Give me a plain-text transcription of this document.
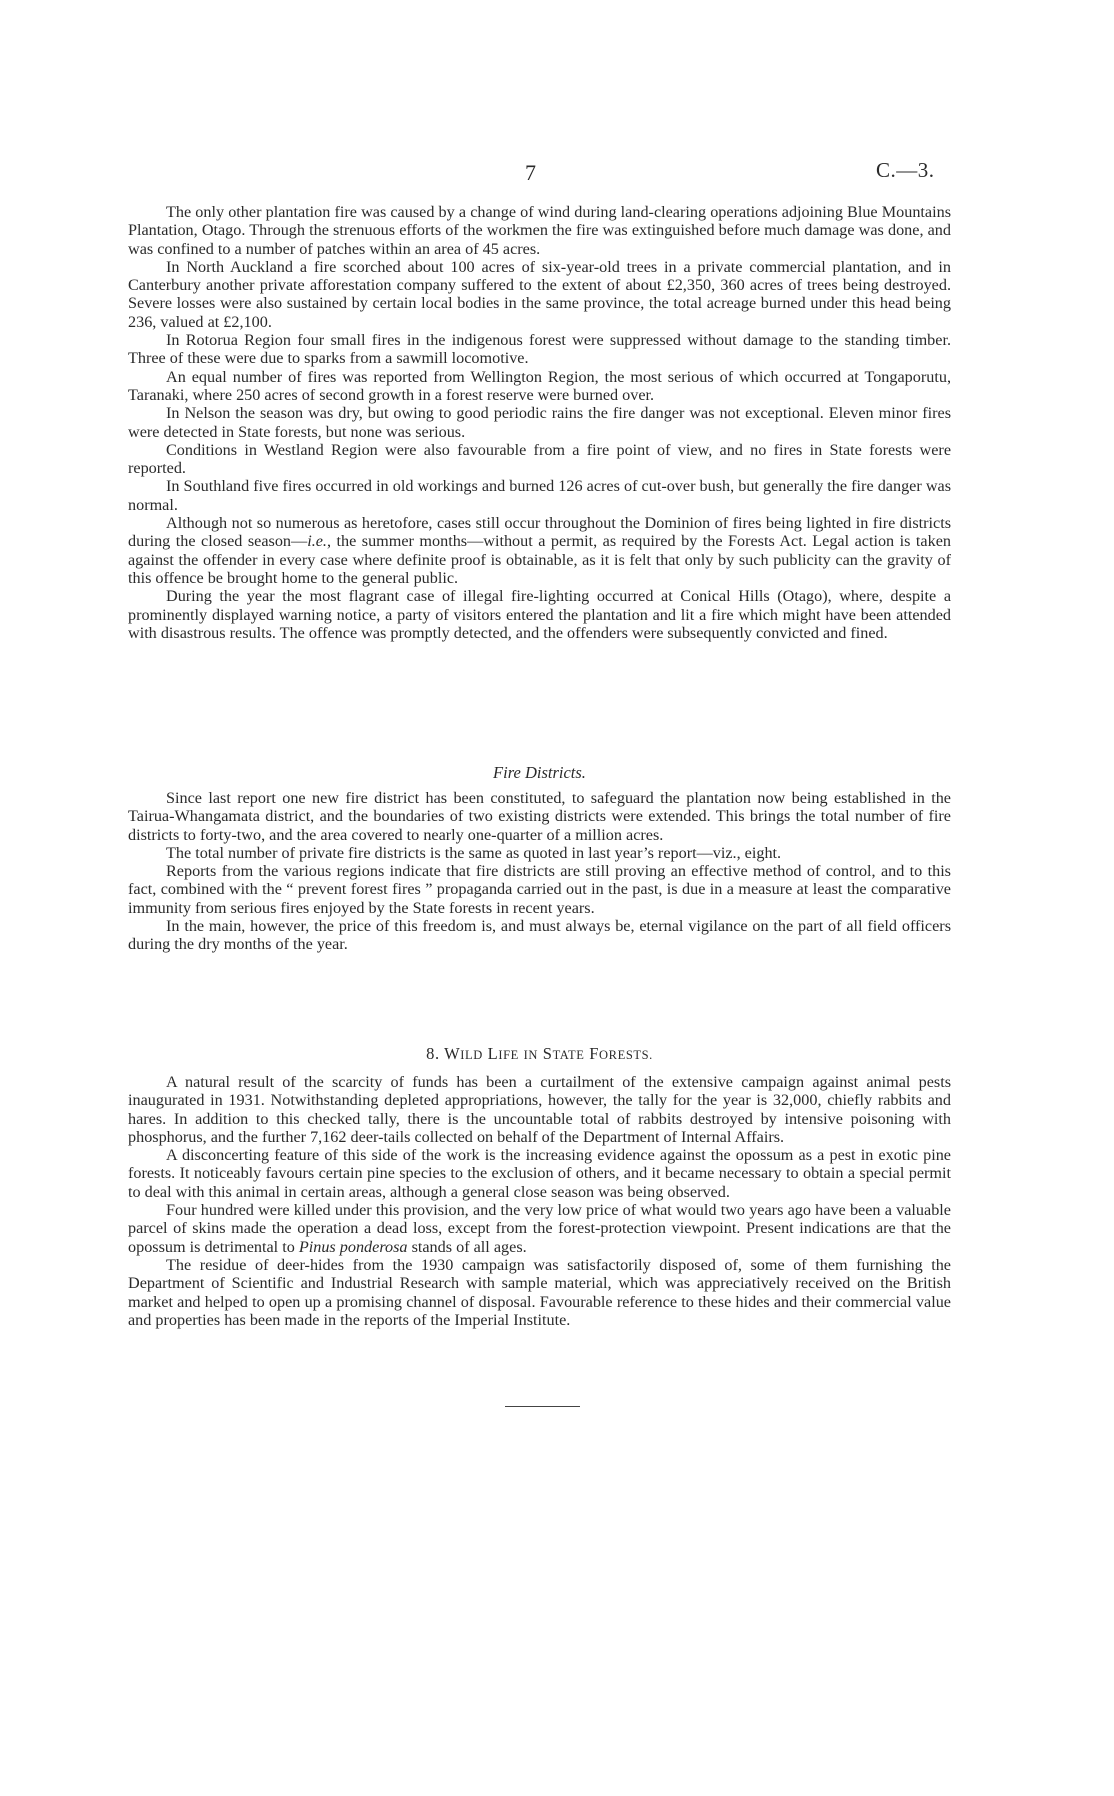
7	C.—3.

The only other plantation fire was caused by a change of wind during land-clearing operations adjoining Blue Mountains Plantation, Otago. Through the strenuous efforts of the workmen the fire was extinguished before much damage was done, and was confined to a number of patches within an area of 45 acres.

In North Auckland a fire scorched about 100 acres of six-year-old trees in a private commercial plantation, and in Canterbury another private afforestation company suffered to the extent of about £2,350, 360 acres of trees being destroyed. Severe losses were also sustained by certain local bodies in the same province, the total acreage burned under this head being 236, valued at £2,100.

In Rotorua Region four small fires in the indigenous forest were suppressed without damage to the standing timber. Three of these were due to sparks from a sawmill locomotive.

An equal number of fires was reported from Wellington Region, the most serious of which occurred at Tongaporutu, Taranaki, where 250 acres of second growth in a forest reserve were burned over.

In Nelson the season was dry, but owing to good periodic rains the fire danger was not exceptional. Eleven minor fires were detected in State forests, but none was serious.

Conditions in Westland Region were also favourable from a fire point of view, and no fires in State forests were reported.

In Southland five fires occurred in old workings and burned 126 acres of cut-over bush, but generally the fire danger was normal.

Although not so numerous as heretofore, cases still occur throughout the Dominion of fires being lighted in fire districts during the closed season—i.e., the summer months—without a permit, as required by the Forests Act. Legal action is taken against the offender in every case where definite proof is obtainable, as it is felt that only by such publicity can the gravity of this offence be brought home to the general public.

During the year the most flagrant case of illegal fire-lighting occurred at Conical Hills (Otago), where, despite a prominently displayed warning notice, a party of visitors entered the plantation and lit a fire which might have been attended with disastrous results. The offence was promptly detected, and the offenders were subsequently convicted and fined.

Fire Districts.

Since last report one new fire district has been constituted, to safeguard the plantation now being established in the Tairua-Whangamata district, and the boundaries of two existing districts were extended. This brings the total number of fire districts to forty-two, and the area covered to nearly one-quarter of a million acres.

The total number of private fire districts is the same as quoted in last year’s report—viz., eight.

Reports from the various regions indicate that fire districts are still proving an effective method of control, and to this fact, combined with the “ prevent forest fires ” propaganda carried out in the past, is due in a measure at least the comparative immunity from serious fires enjoyed by the State forests in recent years.

In the main, however, the price of this freedom is, and must always be, eternal vigilance on the part of all field officers during the dry months of the year.

8. WILD LIFE IN STATE FORESTS.

A natural result of the scarcity of funds has been a curtailment of the extensive campaign against animal pests inaugurated in 1931. Notwithstanding depleted appropriations, however, the tally for the year is 32,000, chiefly rabbits and hares. In addition to this checked tally, there is the uncountable total of rabbits destroyed by intensive poisoning with phosphorus, and the further 7,162 deer-tails collected on behalf of the Department of Internal Affairs.

A disconcerting feature of this side of the work is the increasing evidence against the opossum as a pest in exotic pine forests. It noticeably favours certain pine species to the exclusion of others, and it became necessary to obtain a special permit to deal with this animal in certain areas, although a general close season was being observed.

Four hundred were killed under this provision, and the very low price of what would two years ago have been a valuable parcel of skins made the operation a dead loss, except from the forest-protection viewpoint. Present indications are that the opossum is detrimental to Pinus ponderosa stands of all ages.

The residue of deer-hides from the 1930 campaign was satisfactorily disposed of, some of them furnishing the Department of Scientific and Industrial Research with sample material, which was appreciatively received on the British market and helped to open up a promising channel of disposal. Favourable reference to these hides and their commercial value and properties has been made in the reports of the Imperial Institute.
